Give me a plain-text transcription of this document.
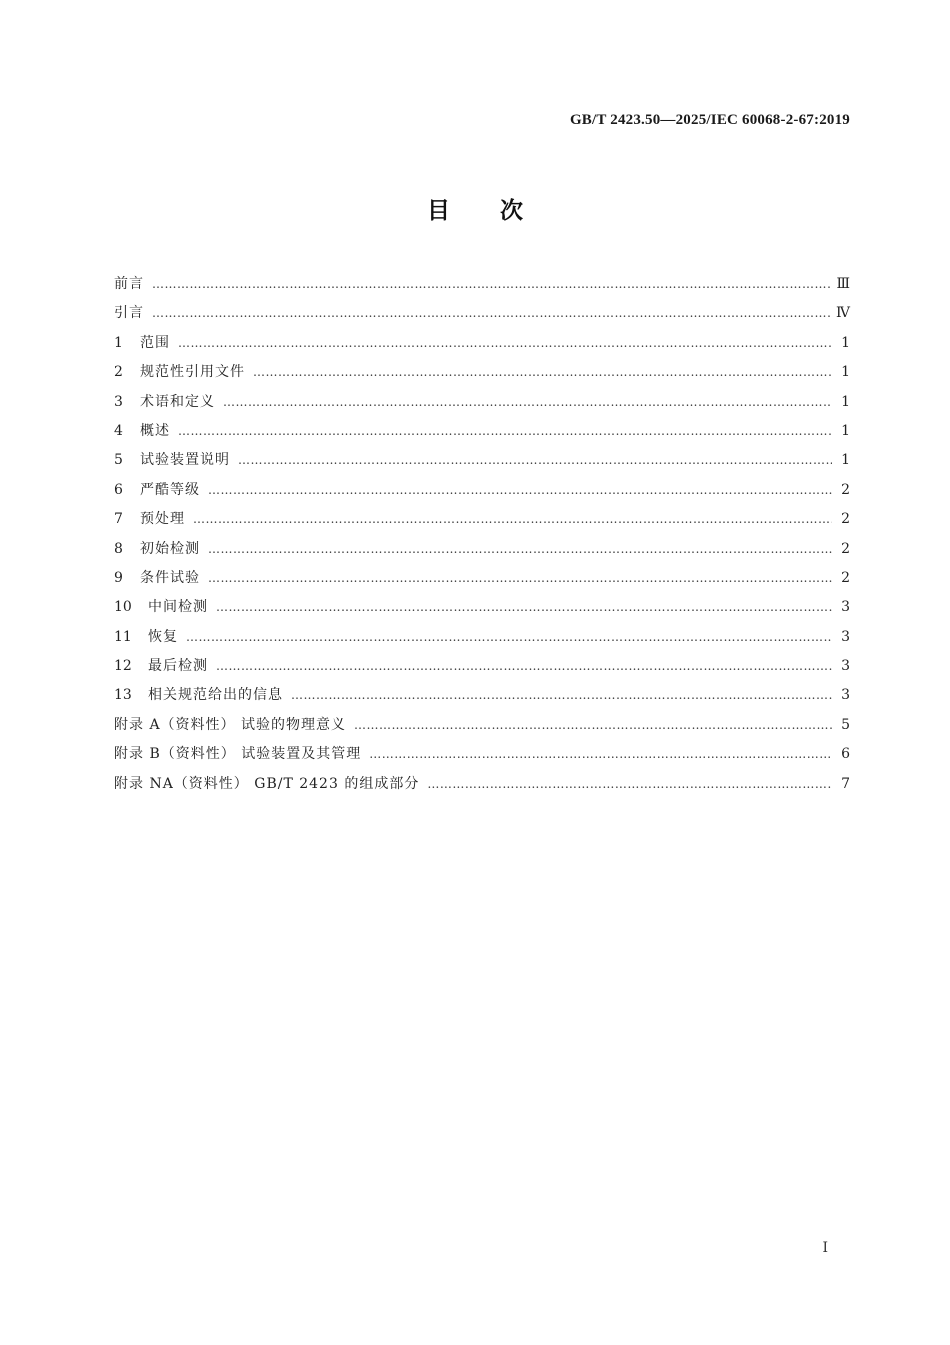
GB/T 2423.50—2025/IEC 60068-2-67:2019
目次
前言 ………………………………………………………………………………………………………………………………………………………………………………………………………………………………………………	Ⅲ
引言 ………………………………………………………………………………………………………………………………………………………………………………………………………………………………………………	Ⅳ
1	范围 ………………………………………………………………………………………………………………………………………………………………………………………………………………………………………………	1
2	规范性引用文件 ………………………………………………………………………………………………………………………………………………………………………………………………………………………………………………	1
3	术语和定义 ………………………………………………………………………………………………………………………………………………………………………………………………………………………………………………	1
4	概述 ………………………………………………………………………………………………………………………………………………………………………………………………………………………………………………	1
5	试验装置说明 ………………………………………………………………………………………………………………………………………………………………………………………………………………………………………………	1
6	严酷等级 ………………………………………………………………………………………………………………………………………………………………………………………………………………………………………………	2
7	预处理 ………………………………………………………………………………………………………………………………………………………………………………………………………………………………………………	2
8	初始检测 ………………………………………………………………………………………………………………………………………………………………………………………………………………………………………………	2
9	条件试验 ………………………………………………………………………………………………………………………………………………………………………………………………………………………………………………	2
10	中间检测 ………………………………………………………………………………………………………………………………………………………………………………………………………………………………………………	3
11	恢复 ………………………………………………………………………………………………………………………………………………………………………………………………………………………………………………	3
12	最后检测 ………………………………………………………………………………………………………………………………………………………………………………………………………………………………………………	3
13	相关规范给出的信息 ………………………………………………………………………………………………………………………………………………………………………………………………………………………………………………	3
附录 A（资料性） 试验的物理意义 ………………………………………………………………………………………………………………………………………………………………………………………………………………………………………………	5
附录 B（资料性） 试验装置及其管理 ………………………………………………………………………………………………………………………………………………………………………………………………………………………………………………	6
附录 NA（资料性） GB/T 2423 的组成部分 ………………………………………………………………………………………………………………………………………………………………………………………………………………………………………………	7
I
